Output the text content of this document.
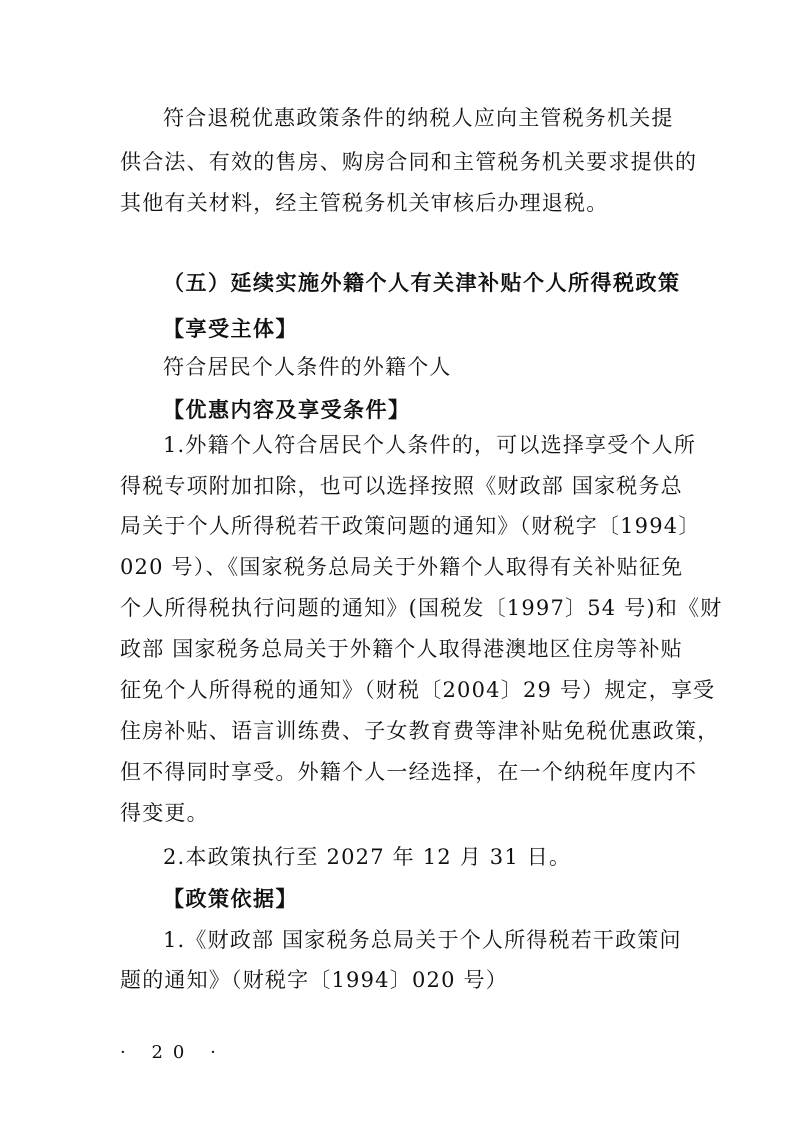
符合退税优惠政策条件的纳税人应向主管税务机关提
供合法、有效的售房、购房合同和主管税务机关要求提供的
其他有关材料，经主管税务机关审核后办理退税。
（五）延续实施外籍个人有关津补贴个人所得税政策
【享受主体】
符合居民个人条件的外籍个人
【优惠内容及享受条件】
1.外籍个人符合居民个人条件的，可以选择享受个人所
得税专项附加扣除，也可以选择按照《财政部 国家税务总
局关于个人所得税若干政策问题的通知》（财税字〔1994〕
020 号）、《国家税务总局关于外籍个人取得有关补贴征免
个人所得税执行问题的通知》(国税发〔1997〕54 号)和《财
政部 国家税务总局关于外籍个人取得港澳地区住房等补贴
征免个人所得税的通知》（财税〔2004〕29 号）规定，享受
住房补贴、语言训练费、子女教育费等津补贴免税优惠政策，
但不得同时享受。外籍个人一经选择，在一个纳税年度内不
得变更。
2.本政策执行至 2027 年 12 月 31 日。
【政策依据】
1.《财政部 国家税务总局关于个人所得税若干政策问
题的通知》（财税字〔1994〕020 号）
· 20 ·
